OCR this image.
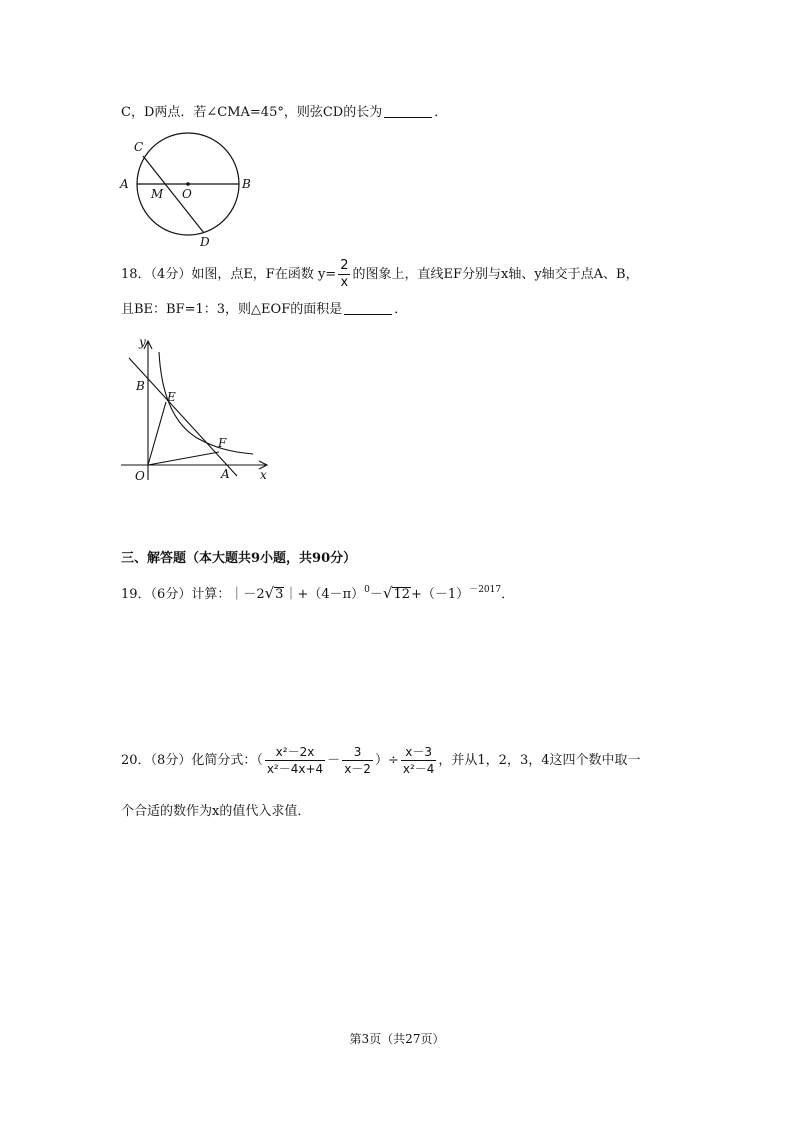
C，D两点．若∠CMA=45°，则弦CD的长为	．
C
A
M O
B
D
18．（4分）如图，点E，F在函数 $y= \frac{2}{x}$ 的图象上，直线EF分别与x轴、y轴交于点A、B，
且BE：BF=1：3，则△EOF的面积是	．
y
B
E
F
O	A	x
三、解答题（本大题共9小题，共90分）
19．（6分）计算：$|-2√3|+(4-\pi)^0-√12+(-1)^{-2017}$．
20．（8分）化简分式：（ $\frac{\text{x²－2x}}{\text{x²－4x+4}} - \frac{3}{x-2}$ ）÷ $\frac{x-3}{\text{x²－4}}$ ，并从1，2，3，4这四个数中取一
个合适的数作为x的值代入求值．
第3页（共27页）
